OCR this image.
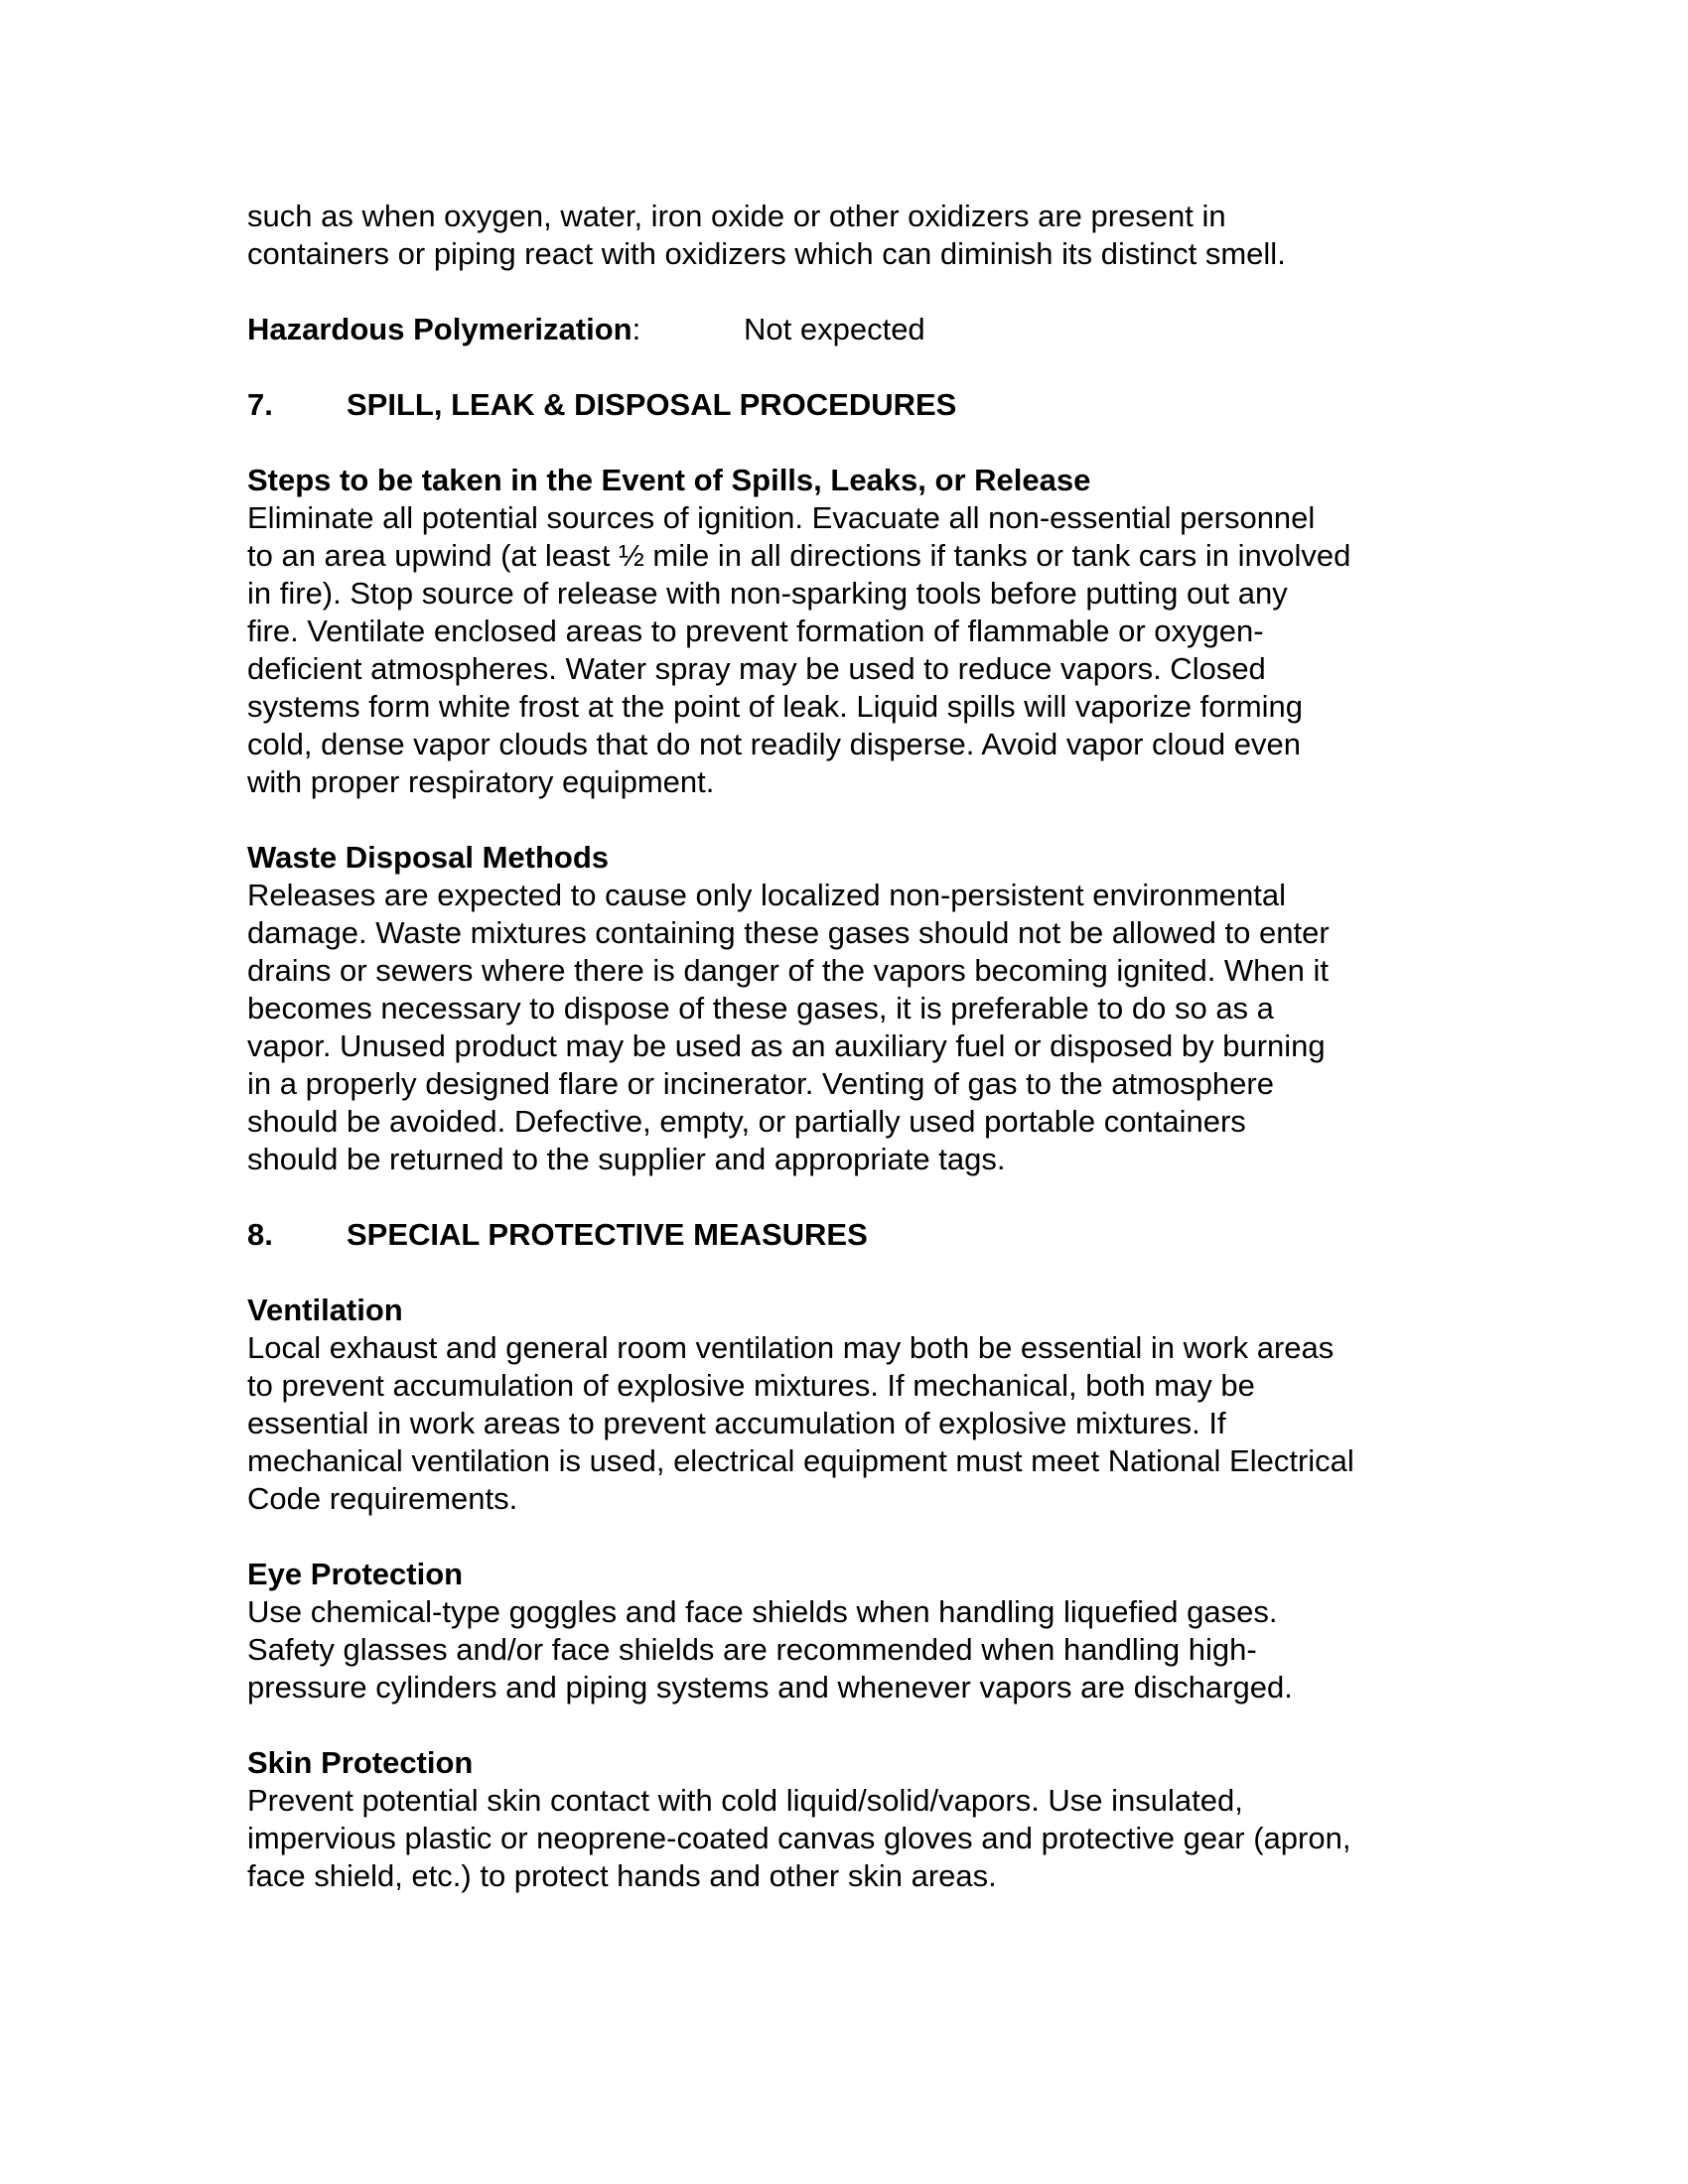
such as when oxygen, water, iron oxide or other oxidizers are present in

containers or piping react with oxidizers which can diminish its distinct smell.

Hazardous Polymerization:	Not expected
7.	SPILL, LEAK & DISPOSAL PROCEDURES

Steps to be taken in the Event of Spills, Leaks, or Release

Eliminate all potential sources of ignition. Evacuate all non-essential personnel

to an area upwind (at least ½ mile in all directions if tanks or tank cars in involved

in fire). Stop source of release with non-sparking tools before putting out any

fire. Ventilate enclosed areas to prevent formation of flammable or oxygen-

deficient atmospheres. Water spray may be used to reduce vapors. Closed

systems form white frost at the point of leak. Liquid spills will vaporize forming

cold, dense vapor clouds that do not readily disperse. Avoid vapor cloud even

with proper respiratory equipment.

Waste Disposal Methods

Releases are expected to cause only localized non-persistent environmental

damage. Waste mixtures containing these gases should not be allowed to enter

drains or sewers where there is danger of the vapors becoming ignited. When it

becomes necessary to dispose of these gases, it is preferable to do so as a

vapor. Unused product may be used as an auxiliary fuel or disposed by burning

in a properly designed flare or incinerator. Venting of gas to the atmosphere

should be avoided. Defective, empty, or partially used portable containers

should be returned to the supplier and appropriate tags.

8.	SPECIAL PROTECTIVE MEASURES

Ventilation

Local exhaust and general room ventilation may both be essential in work areas

to prevent accumulation of explosive mixtures. If mechanical, both may be

essential in work areas to prevent accumulation of explosive mixtures. If

mechanical ventilation is used, electrical equipment must meet National Electrical

Code requirements.

Eye Protection

Use chemical-type goggles and face shields when handling liquefied gases.

Safety glasses and/or face shields are recommended when handling high-

pressure cylinders and piping systems and whenever vapors are discharged.

Skin Protection

Prevent potential skin contact with cold liquid/solid/vapors. Use insulated,

impervious plastic or neoprene-coated canvas gloves and protective gear (apron,

face shield, etc.) to protect hands and other skin areas.
